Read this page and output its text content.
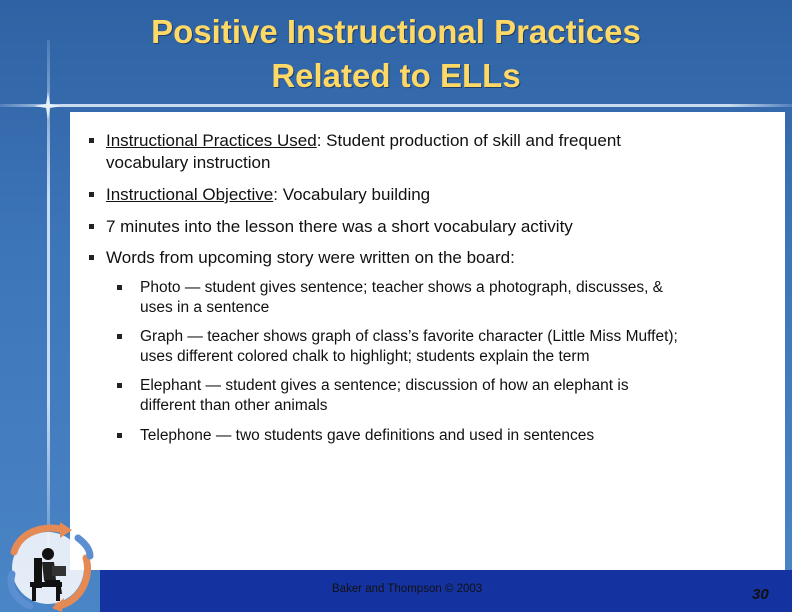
Positive Instructional Practices
Related to ELLs
Instructional Practices Used: Student production of skill and frequent
vocabulary instruction
Instructional Objective: Vocabulary building
7 minutes into the lesson there was a short vocabulary activity
Words from upcoming story were written on the board:
Photo — student gives sentence; teacher shows a photograph, discusses, &
uses in a sentence
Graph — teacher shows graph of class’s favorite character (Little Miss Muffet);
uses different colored chalk to highlight; students explain the term
Elephant — student gives a sentence; discussion of how an elephant is
different than other animals
Telephone — two students gave definitions and used in sentences
Baker and Thompson © 2003	30
